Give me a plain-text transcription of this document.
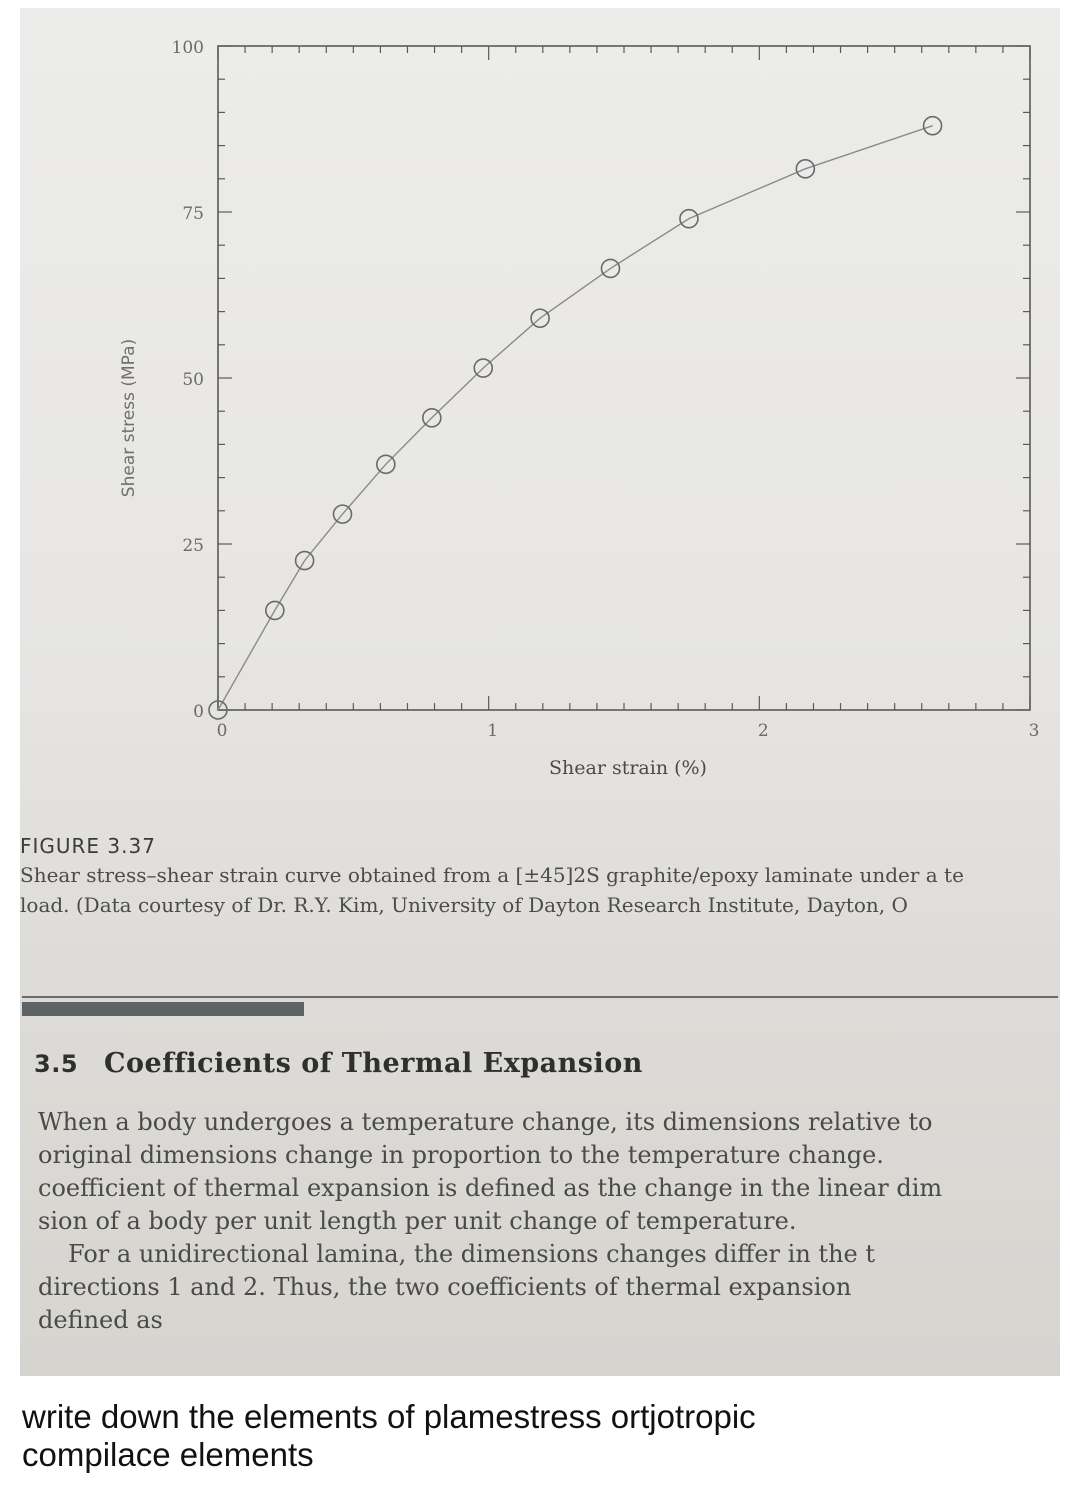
0	1	2	3
0
25
50
75
100
Shear strain (%)
Shear stress (MPa)
FIGURE 3.37
Shear stress–shear strain curve obtained from a [±45]2S graphite/epoxy laminate under a te
load. (Data courtesy of Dr. R.Y. Kim, University of Dayton Research Institute, Dayton, O
3.5 Coefficients of Thermal Expansion
When a body undergoes a temperature change, its dimensions relative to
original dimensions change in proportion to the temperature change.
coefficient of thermal expansion is defined as the change in the linear dim
sion of a body per unit length per unit change of temperature.
For a unidirectional lamina, the dimensions changes differ in the t
directions 1 and 2. Thus, the two coefficients of thermal expansion
defined as
write down the elements of plamestress ortjotropic
compilace elements
